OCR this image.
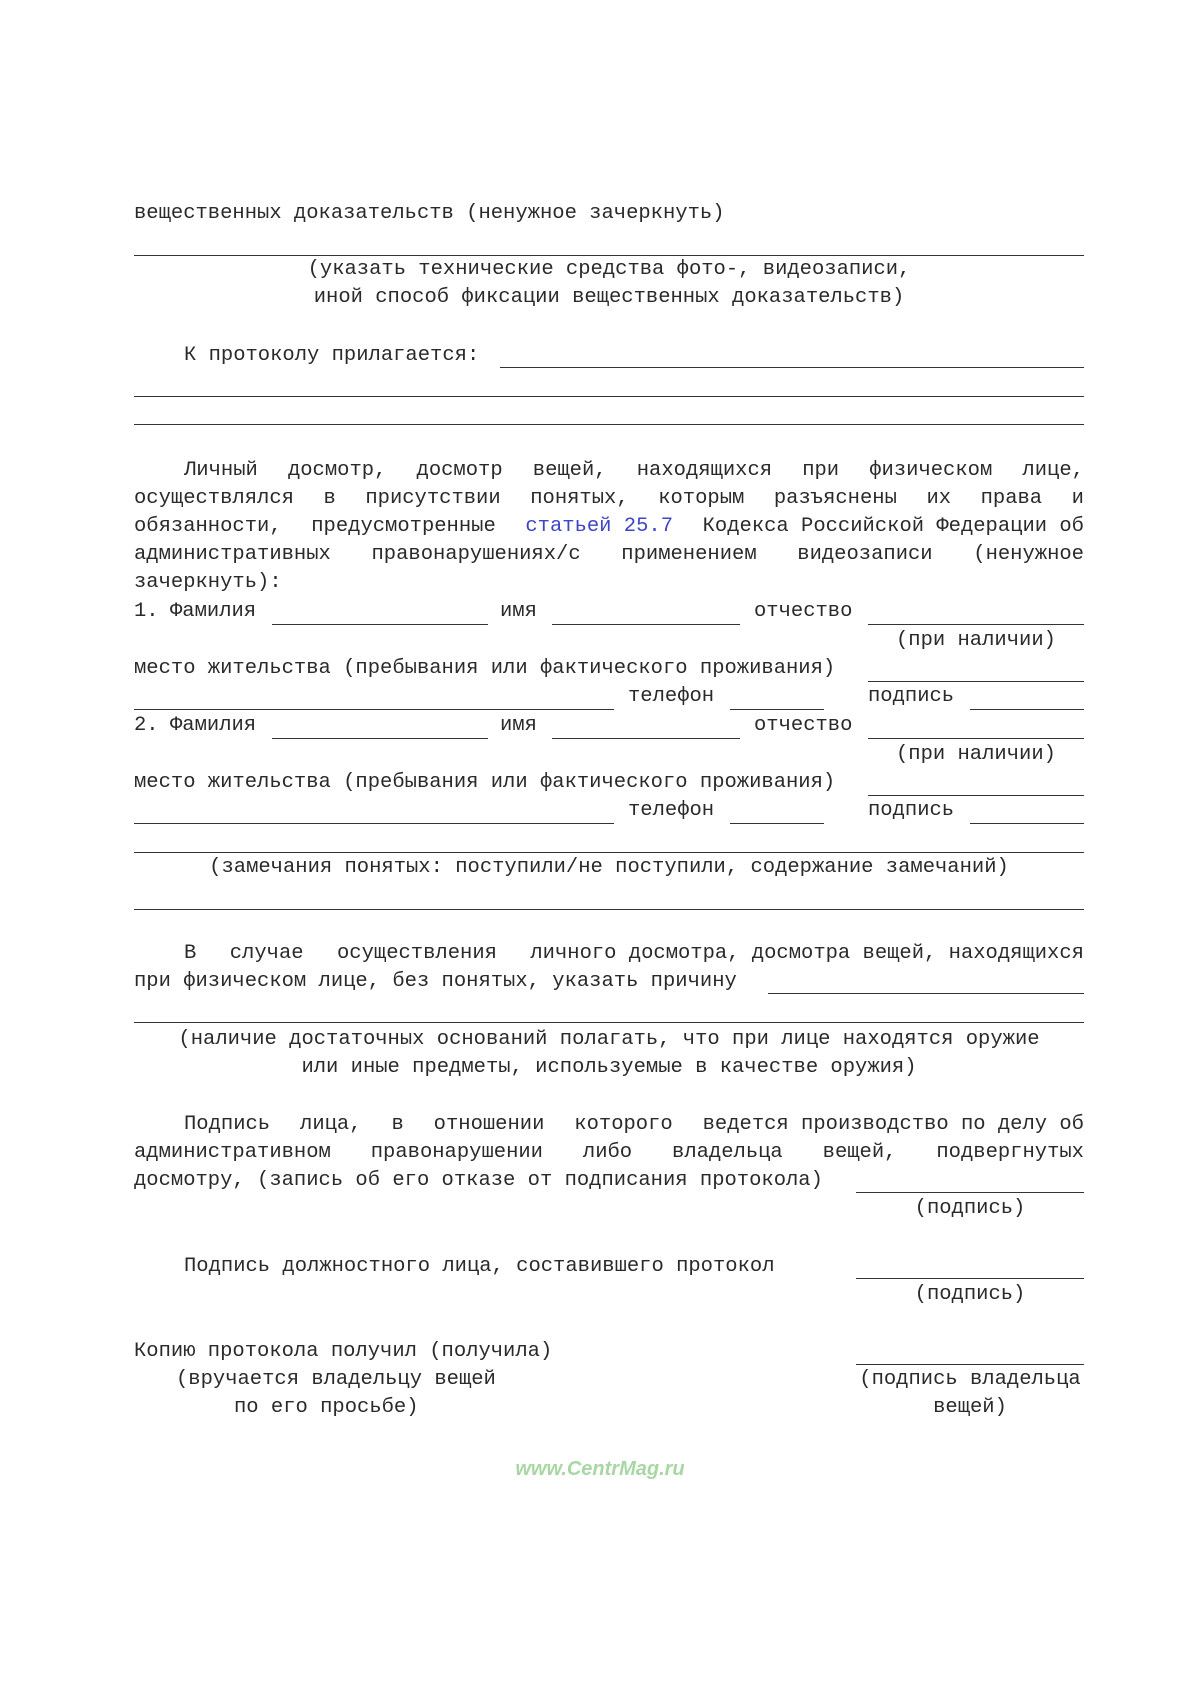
вещественных доказательств (ненужное зачеркнуть)
(указать технические средства фото-, видеозаписи,
иной способ фиксации вещественных доказательств)
К протоколу прилагается:
Личный досмотр, досмотр вещей, находящихся при физическом лице,
осуществлялся в присутствии понятых, которым разъяснены их права и
обязанности, предусмотренные статьей 25.7 Кодекса Российской Федерации об
административных правонарушениях/с применением видеозаписи (ненужное
зачеркнуть):
1. Фамилия	имя	отчество
(при наличии)
место жительства (пребывания или фактического проживания)
телефон	подпись
2. Фамилия	имя	отчество
(при наличии)
место жительства (пребывания или фактического проживания)
телефон	подпись
(замечания понятых: поступили/не поступили, содержание замечаний)
В случае осуществления личного досмотра, досмотра вещей, находящихся
при физическом лице, без понятых, указать причину
(наличие достаточных оснований полагать, что при лице находятся оружие
или иные предметы, используемые в качестве оружия)
Подпись лица, в отношении которого ведется производство по делу об
административном правонарушении либо владельца вещей, подвергнутых
досмотру, (запись об его отказе от подписания протокола)
(подпись)
Подпись должностного лица, составившего протокол
(подпись)
Копию протокола получил (получила)
(вручается владельцу вещей
по его просьбе)
(подпись владельца
вещей)
www.CentrMag.ru
